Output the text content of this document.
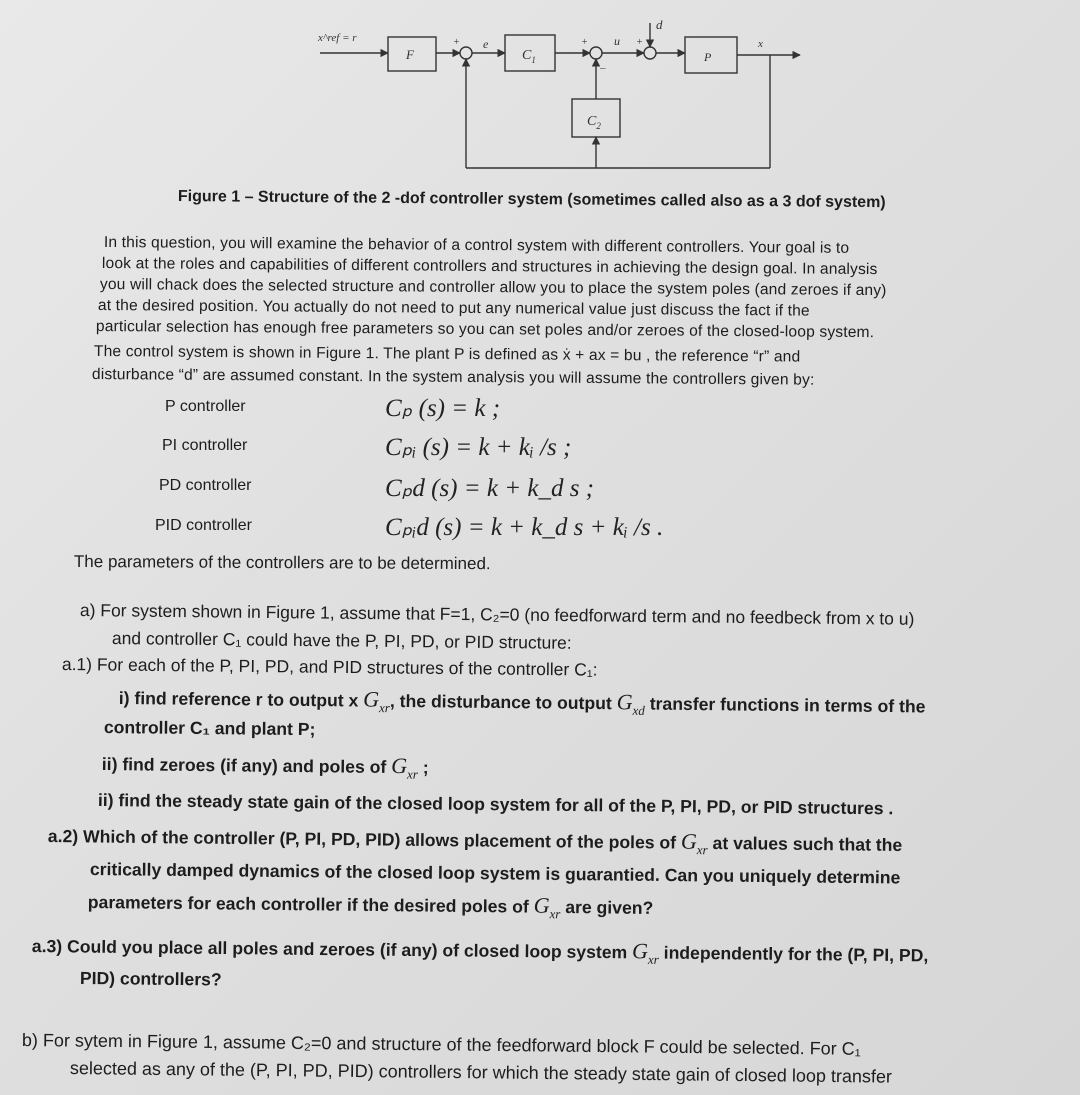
x^ref = r
F	$C_1$
$C_2$
P
e	u
d
x
+	+
–
+
Figure 1 – Structure of the 2 -dof controller system (sometimes called also as a 3 dof system)
In this question, you will examine the behavior of a control system with different controllers. Your goal is to
look at the roles and capabilities of different controllers and structures in achieving the design goal. In analysis
you will chack does the selected structure and controller allow you to place the system poles (and zeroes if any)
at the desired position. You actually do not need to put any numerical value just discuss the fact if the
particular selection has enough free parameters so you can set poles and/or zeroes of the closed-loop system.
The control system is shown in Figure 1. The plant P is defined as ẋ + ax = bu , the reference “r” and
disturbance “d” are assumed constant. In the system analysis you will assume the controllers given by:
P controller	Cₚ (s) = k ;
PI controller	Cₚᵢ (s) = k + kᵢ /s ;
PD controller	Cₚd (s) = k + k_d s ;
PID controller	Cₚᵢd (s) = k + k_d s + kᵢ /s .
The parameters of the controllers are to be determined.
a) For system shown in Figure 1, assume that F=1, C₂=0 (no feedforward term and no feedbeck from x to u)
and controller C₁ could have the P, PI, PD, or PID structure:
a.1) For each of the P, PI, PD, and PID structures of the controller C₁:
i) find reference r to output x $G_{xr}$, the disturbance to output $G_{xd}$ transfer functions in terms of the
controller C₁ and plant P;
ii) find zeroes (if any) and poles of $G_{xr}$ ;
ii) find the steady state gain of the closed loop system for all of the P, PI, PD, or PID structures .
a.2) Which of the controller (P, PI, PD, PID) allows placement of the poles of $G_{xr}$ at values such that the
critically damped dynamics of the closed loop system is guarantied. Can you uniquely determine
parameters for each controller if the desired poles of $G_{xr}$ are given?
a.3) Could you place all poles and zeroes (if any) of closed loop system $G_{xr}$ independently for the (P, PI, PD,
PID) controllers?
b) For sytem in Figure 1, assume C₂=0 and structure of the feedforward block F could be selected. For C₁
selected as any of the (P, PI, PD, PID) controllers for which the steady state gain of closed loop transfer
